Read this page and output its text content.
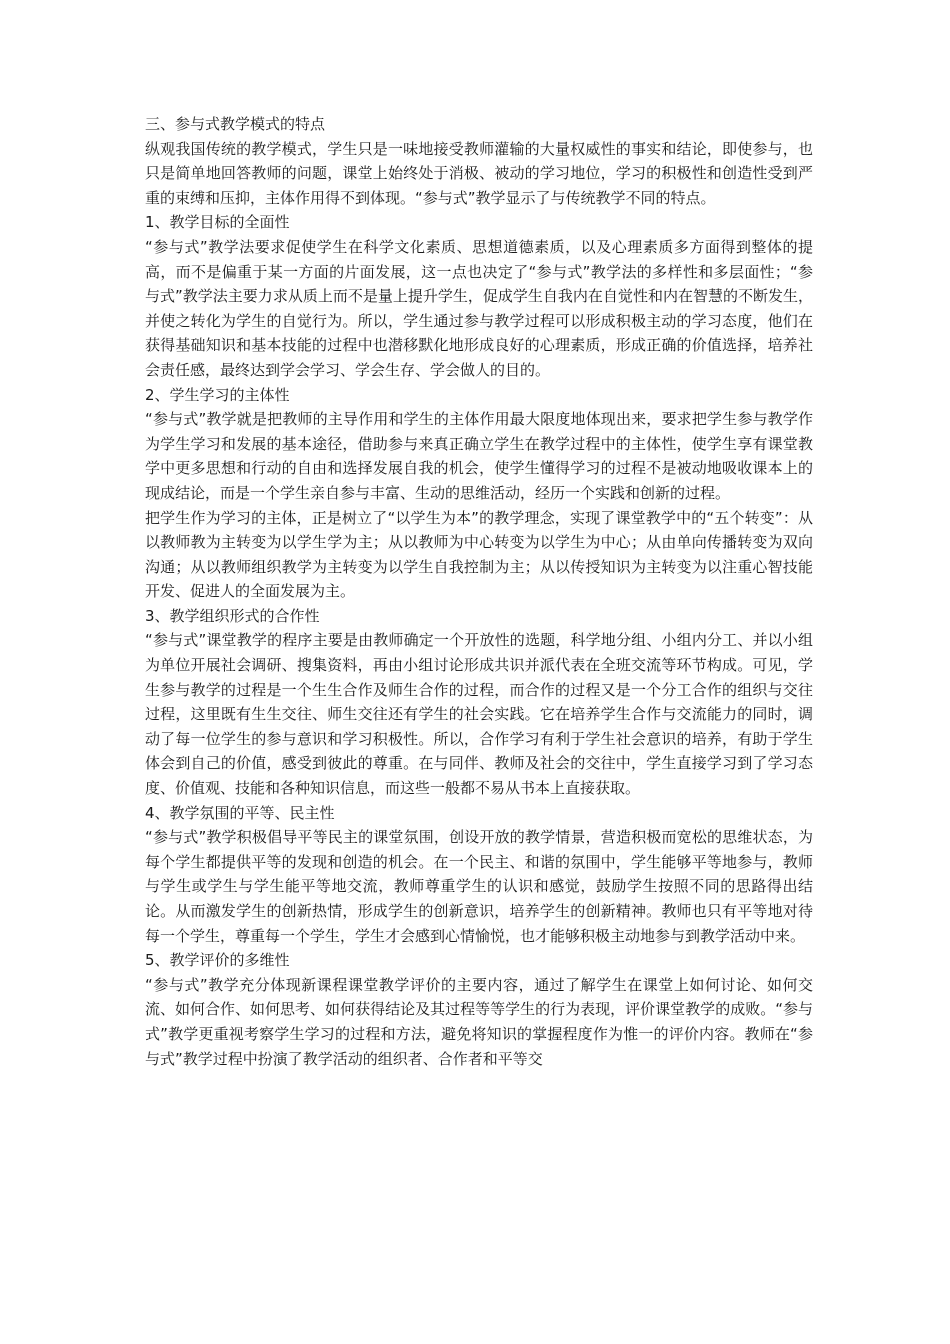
三、参与式教学模式的特点

纵观我国传统的教学模式，学生只是一味地接受教师灌输的大量权威性的事实和结论，即使参与，也只是简单地回答教师的问题，课堂上始终处于消极、被动的学习地位，学习的积极性和创造性受到严重的束缚和压抑，主体作用得不到体现。“参与式”教学显示了与传统教学不同的特点。

1、教学目标的全面性

“参与式”教学法要求促使学生在科学文化素质、思想道德素质，以及心理素质多方面得到整体的提高，而不是偏重于某一方面的片面发展，这一点也决定了“参与式”教学法的多样性和多层面性；“参与式”教学法主要力求从质上而不是量上提升学生，促成学生自我内在自觉性和内在智慧的不断发生，并使之转化为学生的自觉行为。所以，学生通过参与教学过程可以形成积极主动的学习态度，他们在获得基础知识和基本技能的过程中也潜移默化地形成良好的心理素质，形成正确的价值选择，培养社会责任感，最终达到学会学习、学会生存、学会做人的目的。

2、学生学习的主体性

“参与式”教学就是把教师的主导作用和学生的主体作用最大限度地体现出来，要求把学生参与教学作为学生学习和发展的基本途径，借助参与来真正确立学生在教学过程中的主体性，使学生享有课堂教学中更多思想和行动的自由和选择发展自我的机会，使学生懂得学习的过程不是被动地吸收课本上的现成结论，而是一个学生亲自参与丰富、生动的思维活动，经历一个实践和创新的过程。

把学生作为学习的主体，正是树立了“以学生为本”的教学理念，实现了课堂教学中的“五个转变”：从以教师教为主转变为以学生学为主；从以教师为中心转变为以学生为中心；从由单向传播转变为双向沟通；从以教师组织教学为主转变为以学生自我控制为主；从以传授知识为主转变为以注重心智技能开发、促进人的全面发展为主。

3、教学组织形式的合作性

“参与式”课堂教学的程序主要是由教师确定一个开放性的选题，科学地分组、小组内分工、并以小组为单位开展社会调研、搜集资料，再由小组讨论形成共识并派代表在全班交流等环节构成。可见，学生参与教学的过程是一个生生合作及师生合作的过程，而合作的过程又是一个分工合作的组织与交往过程，这里既有生生交往、师生交往还有学生的社会实践。它在培养学生合作与交流能力的同时，调动了每一位学生的参与意识和学习积极性。所以，合作学习有利于学生社会意识的培养，有助于学生体会到自己的价值，感受到彼此的尊重。在与同伴、教师及社会的交往中，学生直接学习到了学习态度、价值观、技能和各种知识信息，而这些一般都不易从书本上直接获取。

4、教学氛围的平等、民主性

“参与式”教学积极倡导平等民主的课堂氛围，创设开放的教学情景，营造积极而宽松的思维状态，为每个学生都提供平等的发现和创造的机会。在一个民主、和谐的氛围中，学生能够平等地参与，教师与学生或学生与学生能平等地交流，教师尊重学生的认识和感觉，鼓励学生按照不同的思路得出结论。从而激发学生的创新热情，形成学生的创新意识，培养学生的创新精神。教师也只有平等地对待每一个学生，尊重每一个学生，学生才会感到心情愉悦，也才能够积极主动地参与到教学活动中来。

5、教学评价的多维性

“参与式”教学充分体现新课程课堂教学评价的主要内容，通过了解学生在课堂上如何讨论、如何交流、如何合作、如何思考、如何获得结论及其过程等等学生的行为表现，评价课堂教学的成败。“参与式”教学更重视考察学生学习的过程和方法，避免将知识的掌握程度作为惟一的评价内容。教师在“参与式”教学过程中扮演了教学活动的组织者、合作者和平等交
